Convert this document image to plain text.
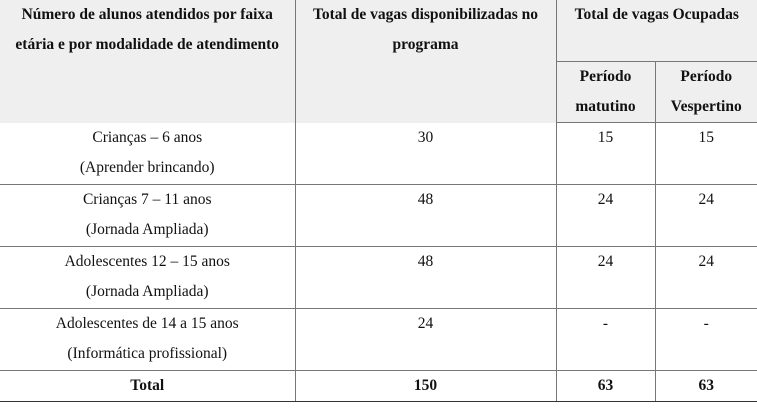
Número de alunos atendidos por faixa etária e por modalidade de atendimento	Total de vagas disponibilizadas no programa	Total de vagas Ocupadas	
		Período matutino	Período Vespertino

Crianças – 6 anos
(Aprender brincando)	30	15	15

Crianças 7 – 11 anos
(Jornada Ampliada)	48	24	24

Adolescentes 12 – 15 anos
(Jornada Ampliada)	48	24	24

Adolescentes de 14 a 15 anos
(Informática profissional)	24	-	-
Total	150	63	63
